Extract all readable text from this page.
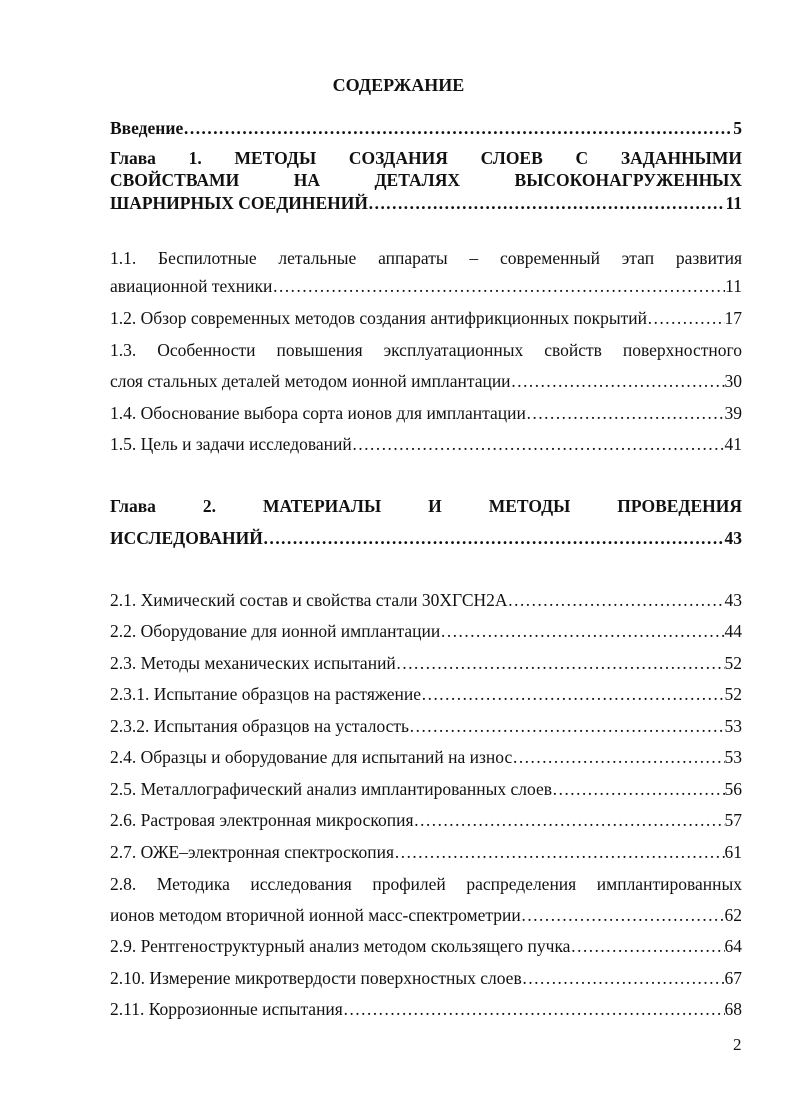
СОДЕРЖАНИЕ
Введение ……………………………………………………………………………………………………………………………………………………………………	5
Глава 1. МЕТОДЫ СОЗДАНИЯ СЛОЕВ С ЗАДАННЫМИ
СВОЙСТВАМИ НА ДЕТАЛЯХ ВЫСОКОНАГРУЖЕННЫХ
ШАРНИРНЫХ СОЕДИНЕНИЙ ……………………………………………………………………………………………………………………………………………………………………	11
1.1. Беспилотные летальные аппараты – современный этап развития
авиационной техники ……………………………………………………………………………………………………………………………………………………………………	11
1.2. Обзор современных методов создания антифрикционных покрытий ……………………………………………………………………………………………………………………………………………………………………	17
1.3. Особенности повышения эксплуатационных свойств поверхностного
слоя стальных деталей методом ионной имплантации ……………………………………………………………………………………………………………………………………………………………………	30
1.4. Обоснование выбора сорта ионов для имплантации ……………………………………………………………………………………………………………………………………………………………………	39
1.5. Цель и задачи исследований ……………………………………………………………………………………………………………………………………………………………………	41
Глава 2. МАТЕРИАЛЫ И МЕТОДЫ ПРОВЕДЕНИЯ
ИССЛЕДОВАНИЙ ……………………………………………………………………………………………………………………………………………………………………	43
2.1. Химический состав и свойства стали 30ХГСН2А ……………………………………………………………………………………………………………………………………………………………………	43
2.2. Оборудование для ионной имплантации ……………………………………………………………………………………………………………………………………………………………………	44
2.3. Методы механических испытаний ……………………………………………………………………………………………………………………………………………………………………	52
2.3.1. Испытание образцов на растяжение ……………………………………………………………………………………………………………………………………………………………………	52
2.3.2. Испытания образцов на усталость ……………………………………………………………………………………………………………………………………………………………………	53
2.4. Образцы и оборудование для испытаний на износ ……………………………………………………………………………………………………………………………………………………………………	53
2.5. Металлографический анализ имплантированных слоев ……………………………………………………………………………………………………………………………………………………………………	56
2.6. Растровая электронная микроскопия ……………………………………………………………………………………………………………………………………………………………………	57
2.7. ОЖЕ–электронная спектроскопия ……………………………………………………………………………………………………………………………………………………………………	61
2.8. Методика исследования профилей распределения имплантированных
ионов методом вторичной ионной масс-спектрометрии ……………………………………………………………………………………………………………………………………………………………………	62
2.9. Рентгеноструктурный анализ методом скользящего пучка ……………………………………………………………………………………………………………………………………………………………………	64
2.10. Измерение микротвердости поверхностных слоев ……………………………………………………………………………………………………………………………………………………………………	67
2.11. Коррозионные испытания ……………………………………………………………………………………………………………………………………………………………………	68
2
